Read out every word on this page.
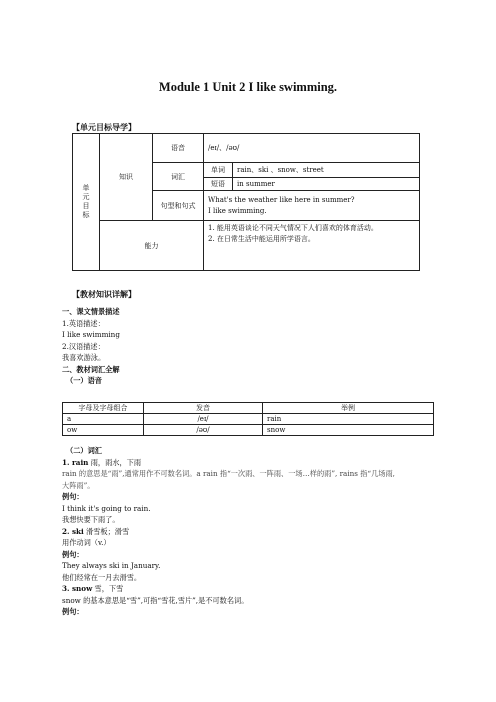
Module 1 Unit 2 I like swimming.
【单元目标导学】
单元目标	知识	语音	/eɪ/、/əʊ/	
		词汇	单词	rain、ski 、snow、street
			短语	in summer
		句型和句式	What's the weather like here in summer?
I like swimming.	

	能力		1. 能用英语谈论不同天气情况下人们喜欢的体育活动。
2. 在日常生活中能运用所学语言。	
【教材知识详解】
一、课文情景描述
1.英语描述：
I like swimming
2.汉语描述：
我喜欢游泳。
二、教材词汇全解
（一）语音
字母及字母组合	发音	举例
a	/eɪ/	rain
ow	/əʊ/	snow
（二）词汇
1. rain 雨，雨水，下雨
rain 的意思是“雨”,通常用作不可数名词。a rain 指“一次雨、一阵雨、一场…样的雨”, rains 指“几场雨,
大阵雨”。
例句：
I think it's going to rain.
我想快要下雨了。
2. ski 滑雪板；滑雪
用作动词（v.）
例句：
They always ski in January.
他们经常在一月去滑雪。
3. snow 雪，下雪
snow 的基本意思是“雪”,可指“雪花,雪片”,是不可数名词。
例句：
